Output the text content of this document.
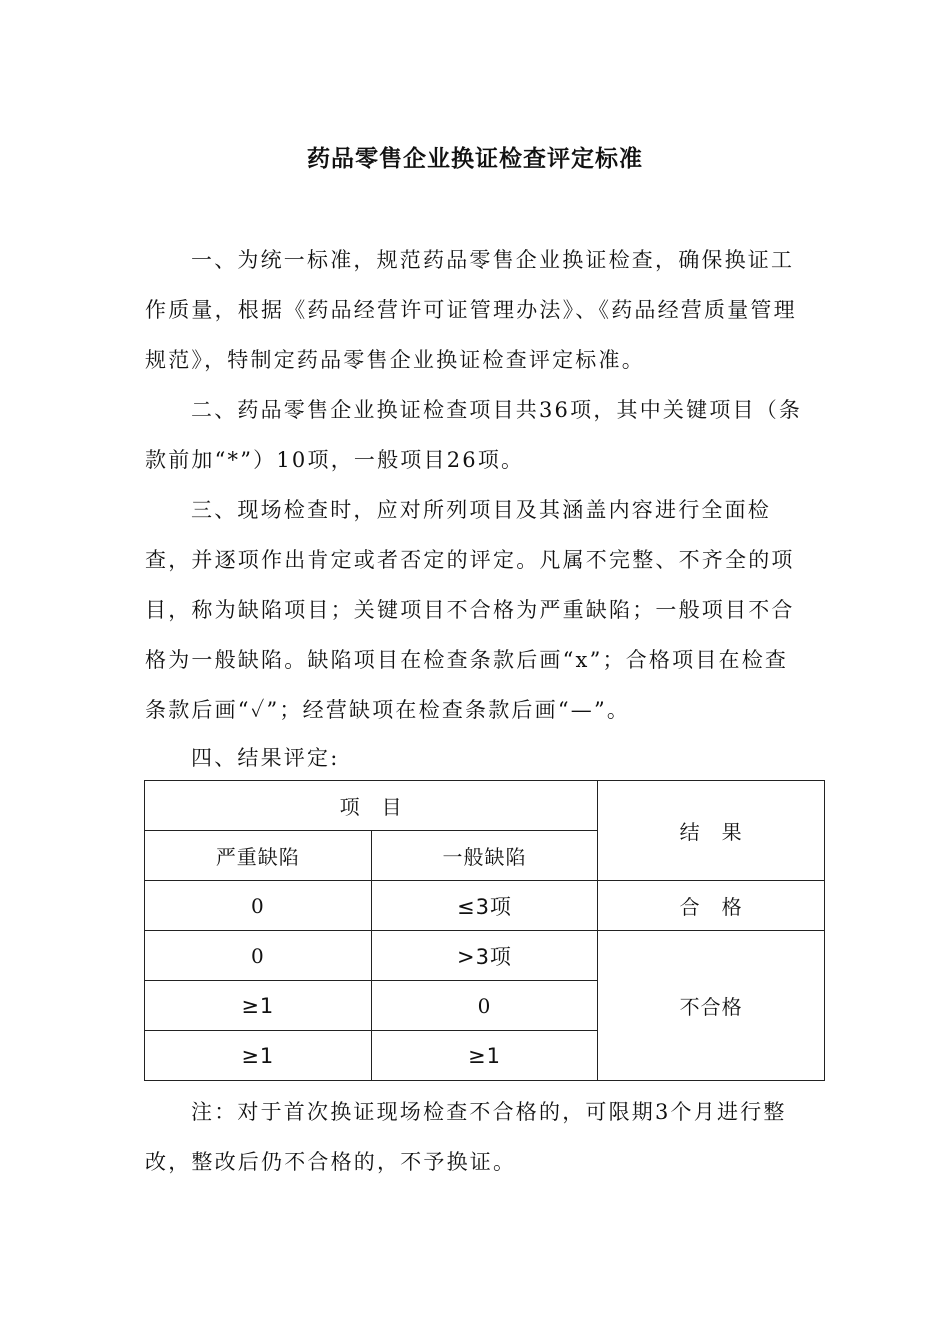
药品零售企业换证检查评定标准

一、为统一标准，规范药品零售企业换证检查，确保换证工作质量，根据《药品经营许可证管理办法》、《药品经营质量管理规范》，特制定药品零售企业换证检查评定标准。

二、药品零售企业换证检查项目共36项，其中关键项目（条款前加“*”）10项，一般项目26项。

三、现场检查时，应对所列项目及其涵盖内容进行全面检查，并逐项作出肯定或者否定的评定。凡属不完整、不齐全的项目，称为缺陷项目；关键项目不合格为严重缺陷；一般项目不合格为一般缺陷。缺陷项目在检查条款后画“x”；合格项目在检查条款后画“✓”；经营缺项在检查条款后画“—”。

四、结果评定:

项　目		结　果
严重缺陷	一般缺陷	
0	≤3项	合　格
0	>3项	不合格
≥1	0	
≥1	≥1	

注：对于首次换证现场检查不合格的，可限期3个月进行整改，整改后仍不合格的，不予换证。
